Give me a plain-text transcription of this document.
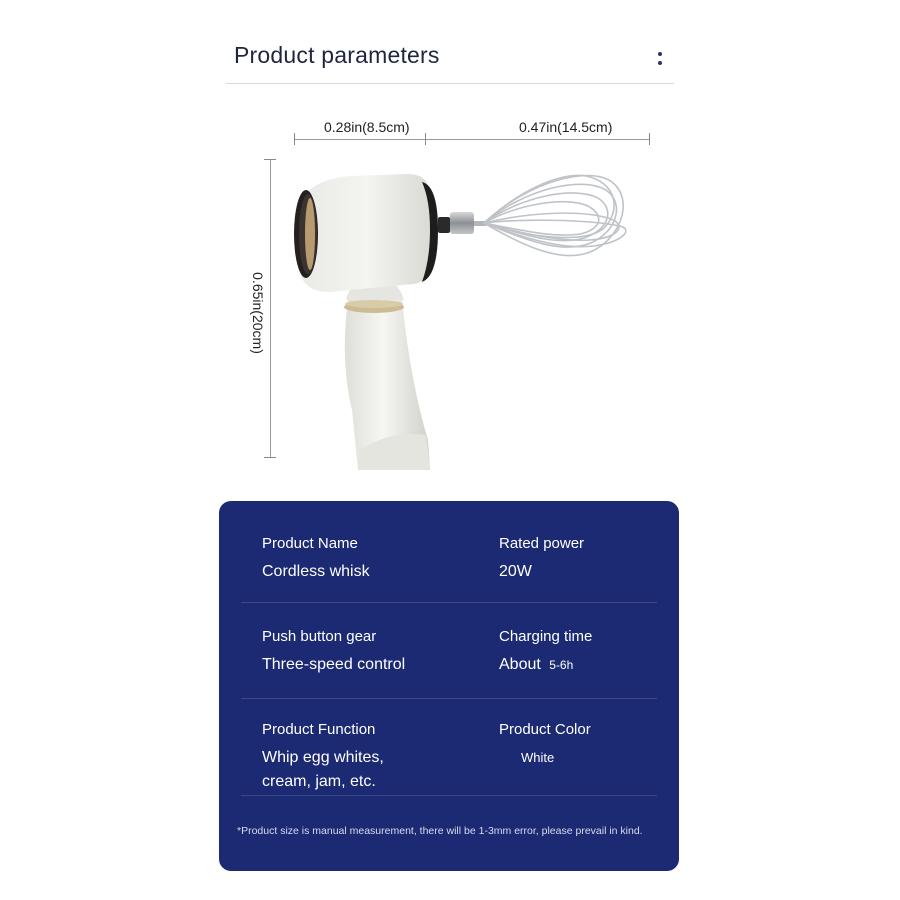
Product parameters
0.28in(8.5cm)	0.47in(14.5cm)
0.65in(20cm)
Product Name
Cordless whisk
Rated power
20W
Push button gear
Three-speed control
Charging time
About 5-6h
Product Function
Whip egg whites,
cream, jam, etc.
Product Color
White
*Product size is manual measurement, there will be 1-3mm error, please prevail in kind.
